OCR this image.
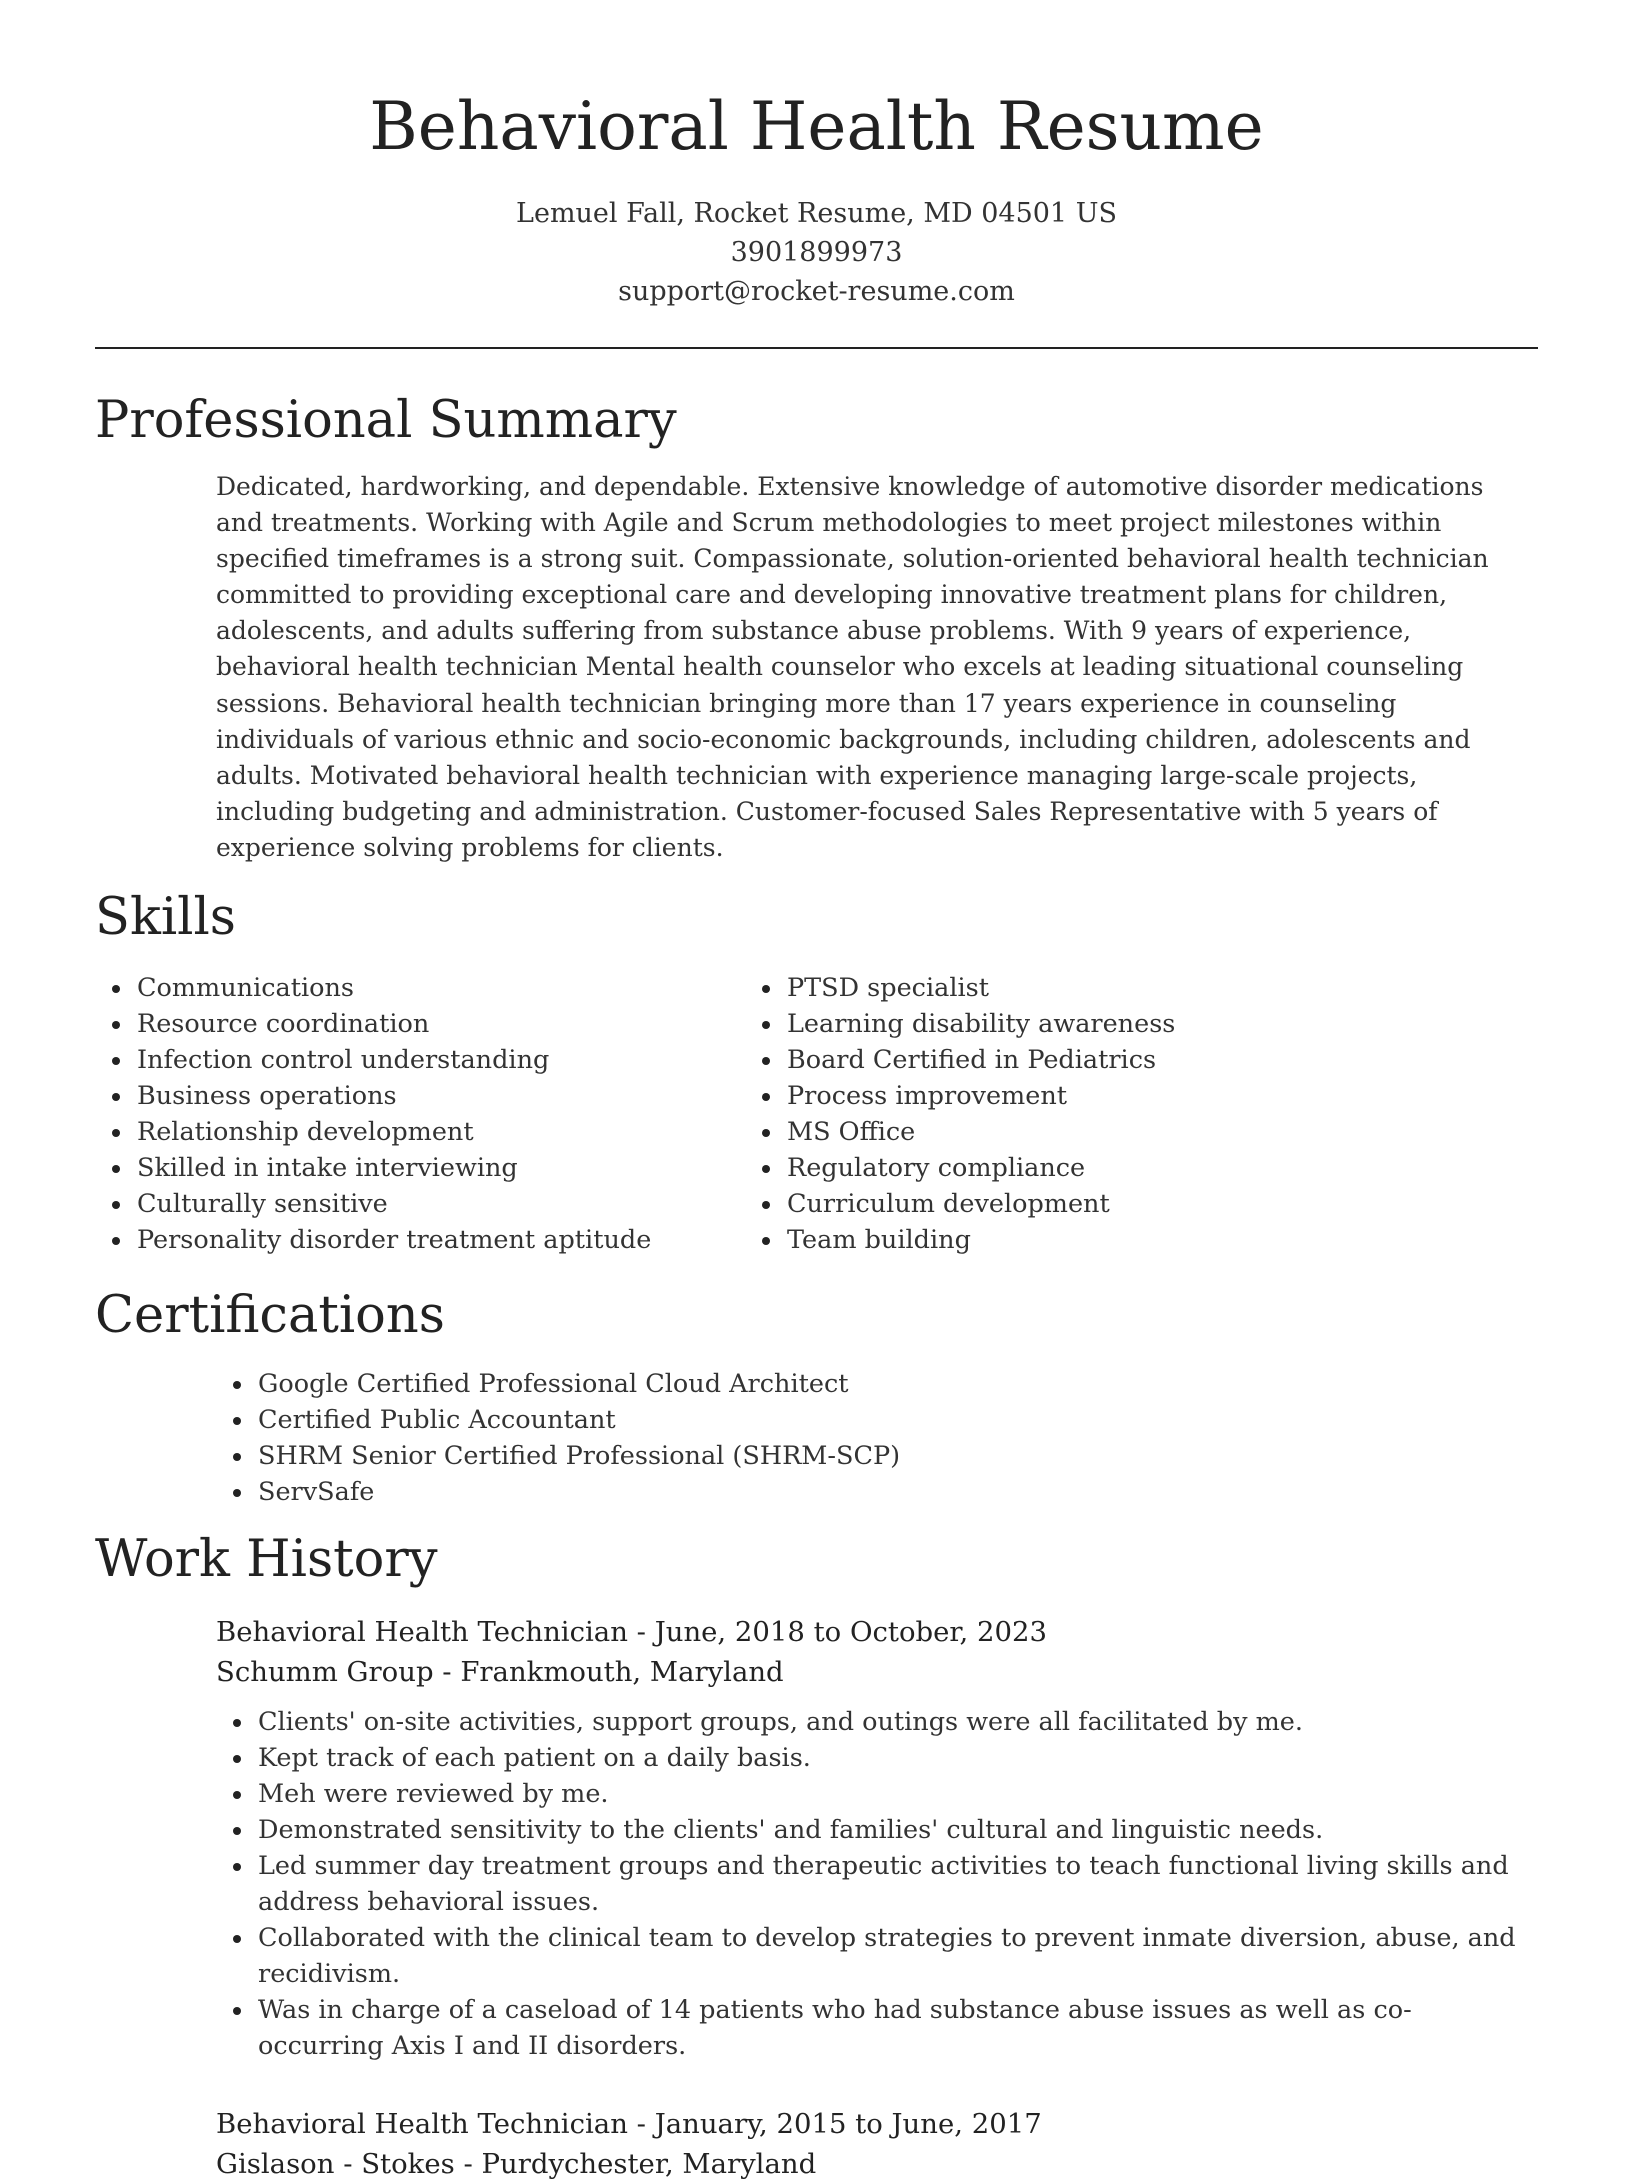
Behavioral Health Resume
Lemuel Fall, Rocket Resume, MD 04501 US
3901899973
support@rocket-resume.com
Professional Summary

Dedicated, hardworking, and dependable. Extensive knowledge of automotive disorder medications and treatments. Working with Agile and Scrum methodologies to meet project milestones within specified timeframes is a strong suit. Compassionate, solution-oriented behavioral health technician committed to providing exceptional care and developing innovative treatment plans for children, adolescents, and adults suffering from substance abuse problems. With 9 years of experience, behavioral health technician Mental health counselor who excels at leading situational counseling sessions. Behavioral health technician bringing more than 17 years experience in counseling individuals of various ethnic and socio-economic backgrounds, including children, adolescents and adults. Motivated behavioral health technician with experience managing large-scale projects, including budgeting and administration. Customer-focused Sales Representative with 5 years of experience solving problems for clients.

Skills
Communications
Resource coordination
Infection control understanding
Business operations
Relationship development
Skilled in intake interviewing
Culturally sensitive
Personality disorder treatment aptitude
PTSD specialist
Learning disability awareness
Board Certified in Pediatrics
Process improvement
MS Office
Regulatory compliance
Curriculum development
Team building
Certifications
Google Certified Professional Cloud Architect
Certified Public Accountant
SHRM Senior Certified Professional (SHRM-SCP)
ServSafe
Work History
Behavioral Health Technician - June, 2018 to October, 2023
Schumm Group - Frankmouth, Maryland
Clients' on-site activities, support groups, and outings were all facilitated by me.
Kept track of each patient on a daily basis.
Meh were reviewed by me.
Demonstrated sensitivity to the clients' and families' cultural and linguistic needs.
Led summer day treatment groups and therapeutic activities to teach functional living skills and address behavioral issues.
Collaborated with the clinical team to develop strategies to prevent inmate diversion, abuse, and recidivism.
Was in charge of a caseload of 14 patients who had substance abuse issues as well as co-occurring Axis I and II disorders.
Behavioral Health Technician - January, 2015 to June, 2017
Gislason - Stokes - Purdychester, Maryland
